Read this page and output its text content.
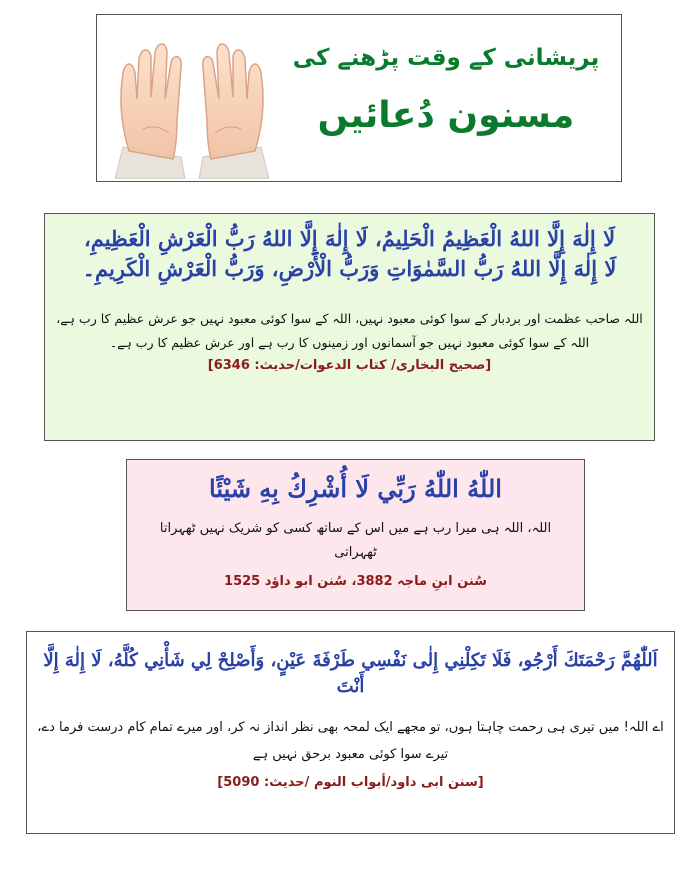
پریشانی کے وقت پڑھنے کی
مسنون دُعائیں
لَا إِلٰهَ إِلَّا اللهُ الْعَظِيمُ الْحَلِيمُ، لَا إِلٰهَ إِلَّا اللهُ رَبُّ الْعَرْشِ الْعَظِيمِ،
لَا إِلٰهَ إِلَّا اللهُ رَبُّ السَّمٰوَاتِ وَرَبُّ الْأَرْضِ، وَرَبُّ الْعَرْشِ الْكَرِيمِ۔
اللہ صاحب عظمت اور بردبار کے سوا کوئی معبود نہیں، اللہ کے سوا کوئی معبود نہیں جو عرش عظیم کا رب ہے،
اللہ کے سوا کوئی معبود نہیں جو آسمانوں اور زمینوں کا رب ہے اور عرش عظیم کا رب ہے۔
[صحیح البخاری/ کتاب الدعوات/حدیث: 6346]
اللّٰهُ اللّٰهُ رَبِّي لَا أُشْرِكُ بِهِ شَيْئًا
اللہ، اللہ ہی میرا رب ہے میں اس کے ساتھ کسی کو شریک نہیں ٹھہراتا ٹھہراتی
سُنن ابنِ ماجہ 3882، سُنن ابو داؤد 1525
اَللّٰهُمَّ رَحْمَتَكَ أَرْجُو، فَلَا تَكِلْنِي إِلٰى نَفْسِي طَرْفَةَ عَيْنٍ، وَأَصْلِحْ لِي شَأْنِي كُلَّهُ، لَا إِلٰهَ إِلَّا أَنْتَ
اے اللہ! میں تیری ہی رحمت چاہتا ہوں، تو مجھے ایک لمحہ بھی نظر انداز نہ کر، اور میرے تمام کام درست فرما دے،
تیرے سوا کوئی معبود برحق نہیں ہے
[سنن ابی داود/أبواب النوم /حدیث: 5090]
